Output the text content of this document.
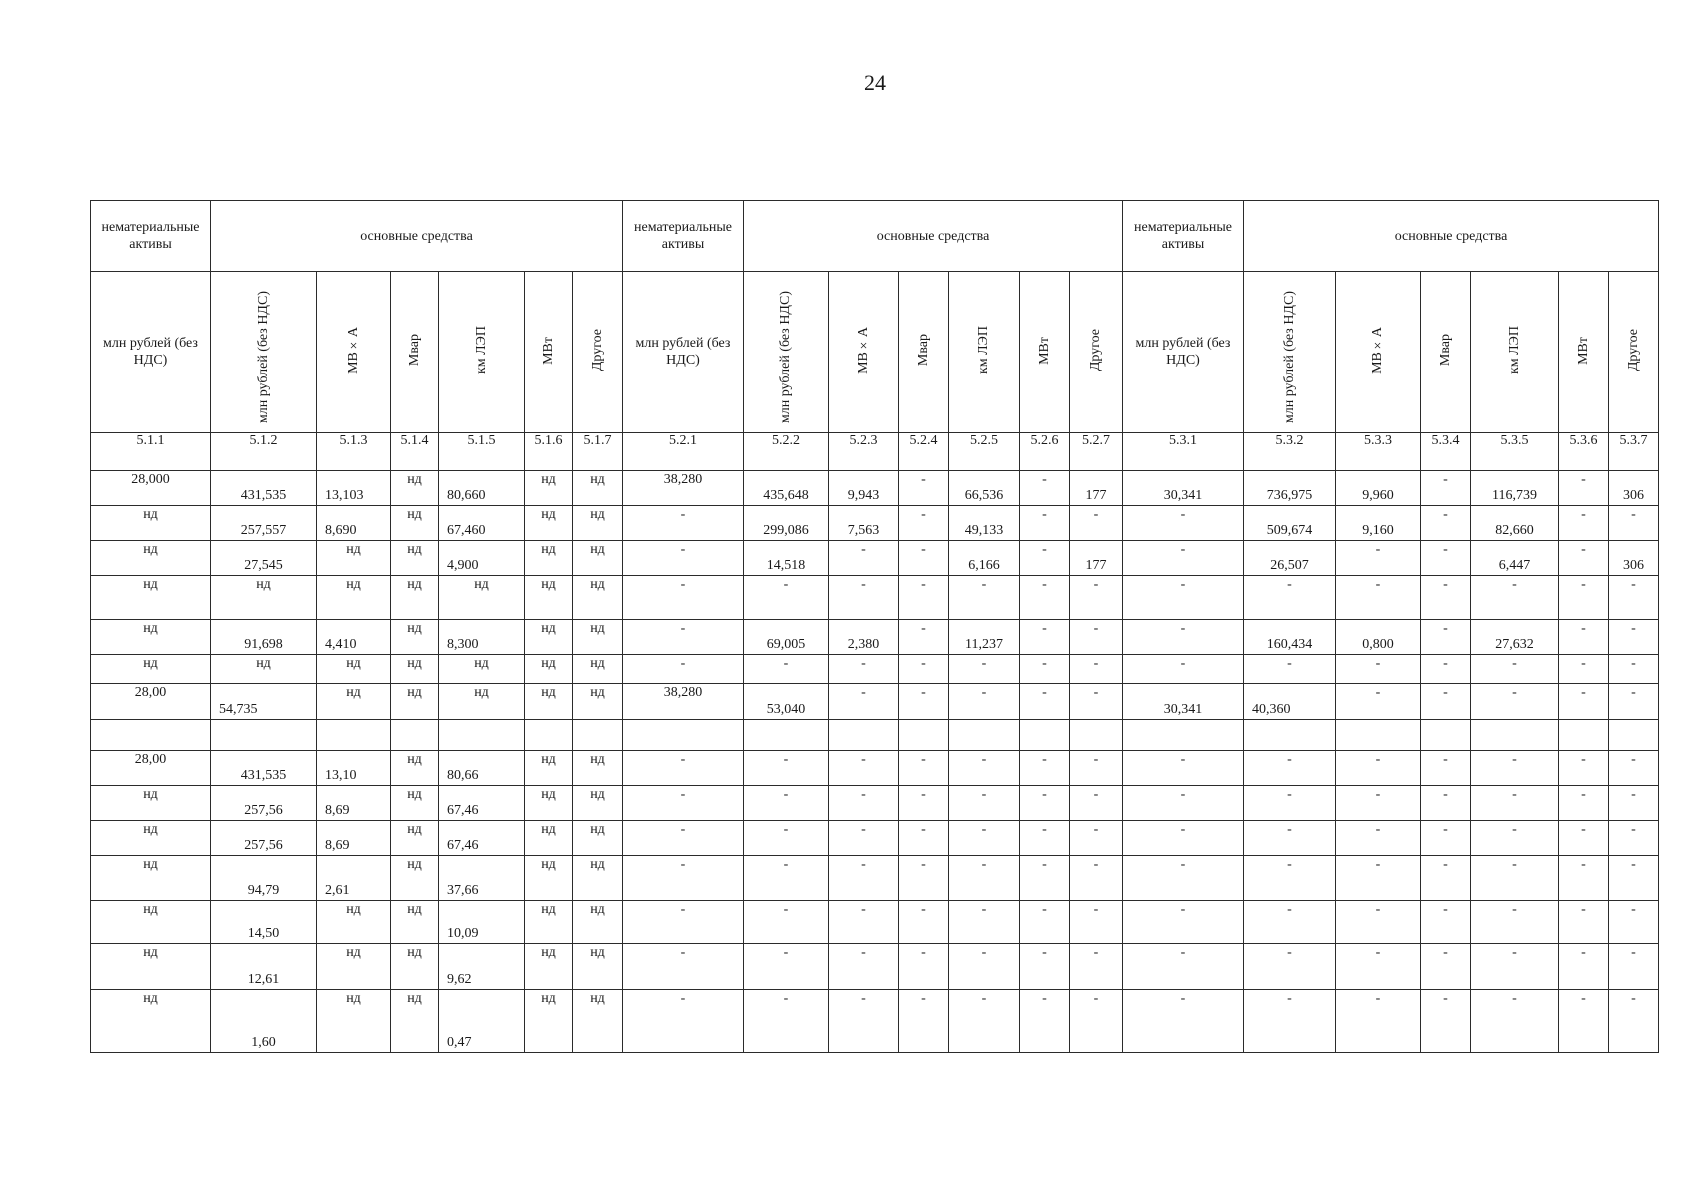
24
нематериальные активы	основные средства						нематериальные активы	основные средства						нематериальные активы	основные средства					
млн рублей (без НДС)	млн рублей (без НДС)	МВ×А	Мвар	км ЛЭП	МВт	Другое	млн рублей (без НДС)	млн рублей (без НДС)	МВ×А	Мвар	км ЛЭП	МВт	Другое	млн рублей (без НДС)	млн рублей (без НДС)	МВ×А	Мвар	км ЛЭП	МВт	Другое
5.1.1	5.1.2	5.1.3	5.1.4	5.1.5	5.1.6	5.1.7	5.2.1	5.2.2	5.2.3	5.2.4	5.2.5	5.2.6	5.2.7	5.3.1	5.3.2	5.3.3	5.3.4	5.3.5	5.3.6	5.3.7

28,000	431,535	13,103	нд	80,660	нд	нд	38,280	435,648	9,943	-	66,536	-	177	30,341	736,975	9,960	-	116,739	-	306

нд	257,557	8,690	нд	67,460	нд	нд	-	299,086	7,563	-	49,133	-	-	-	509,674	9,160	-	82,660	-	-

нд	27,545	нд	нд	4,900	нд	нд	-	14,518	-	-	6,166	-	177	-	26,507	-	-	6,447	-	306

нд	нд	нд	нд	нд	нд	нд	-	-	-	-	-	-	-	-	-	-	-	-	-	-

нд	91,698	4,410	нд	8,300	нд	нд	-	69,005	2,380	-	11,237	-	-	-	160,434	0,800	-	27,632	-	-

нд	нд	нд	нд	нд	нд	нд	-	-	-	-	-	-	-	-	-	-	-	-	-	-

28,00	54,735	нд	нд	нд	нд	нд	38,280	53,040	-	-	-	-	-	30,341	40,360	-	-	-	-	-

28,00	431,535	13,10	нд	80,66	нд	нд	-	-	-	-	-	-	-	-	-	-	-	-	-	-

нд	257,56	8,69	нд	67,46	нд	нд	-	-	-	-	-	-	-	-	-	-	-	-	-	-

нд	257,56	8,69	нд	67,46	нд	нд	-	-	-	-	-	-	-	-	-	-	-	-	-	-

нд	94,79	2,61	нд	37,66	нд	нд	-	-	-	-	-	-	-	-	-	-	-	-	-	-

нд	14,50	нд	нд	10,09	нд	нд	-	-	-	-	-	-	-	-	-	-	-	-	-	-

нд	12,61	нд	нд	9,62	нд	нд	-	-	-	-	-	-	-	-	-	-	-	-	-	-

нд	1,60	нд	нд	0,47	нд	нд	-	-	-	-	-	-	-	-	-	-	-	-	-	-
